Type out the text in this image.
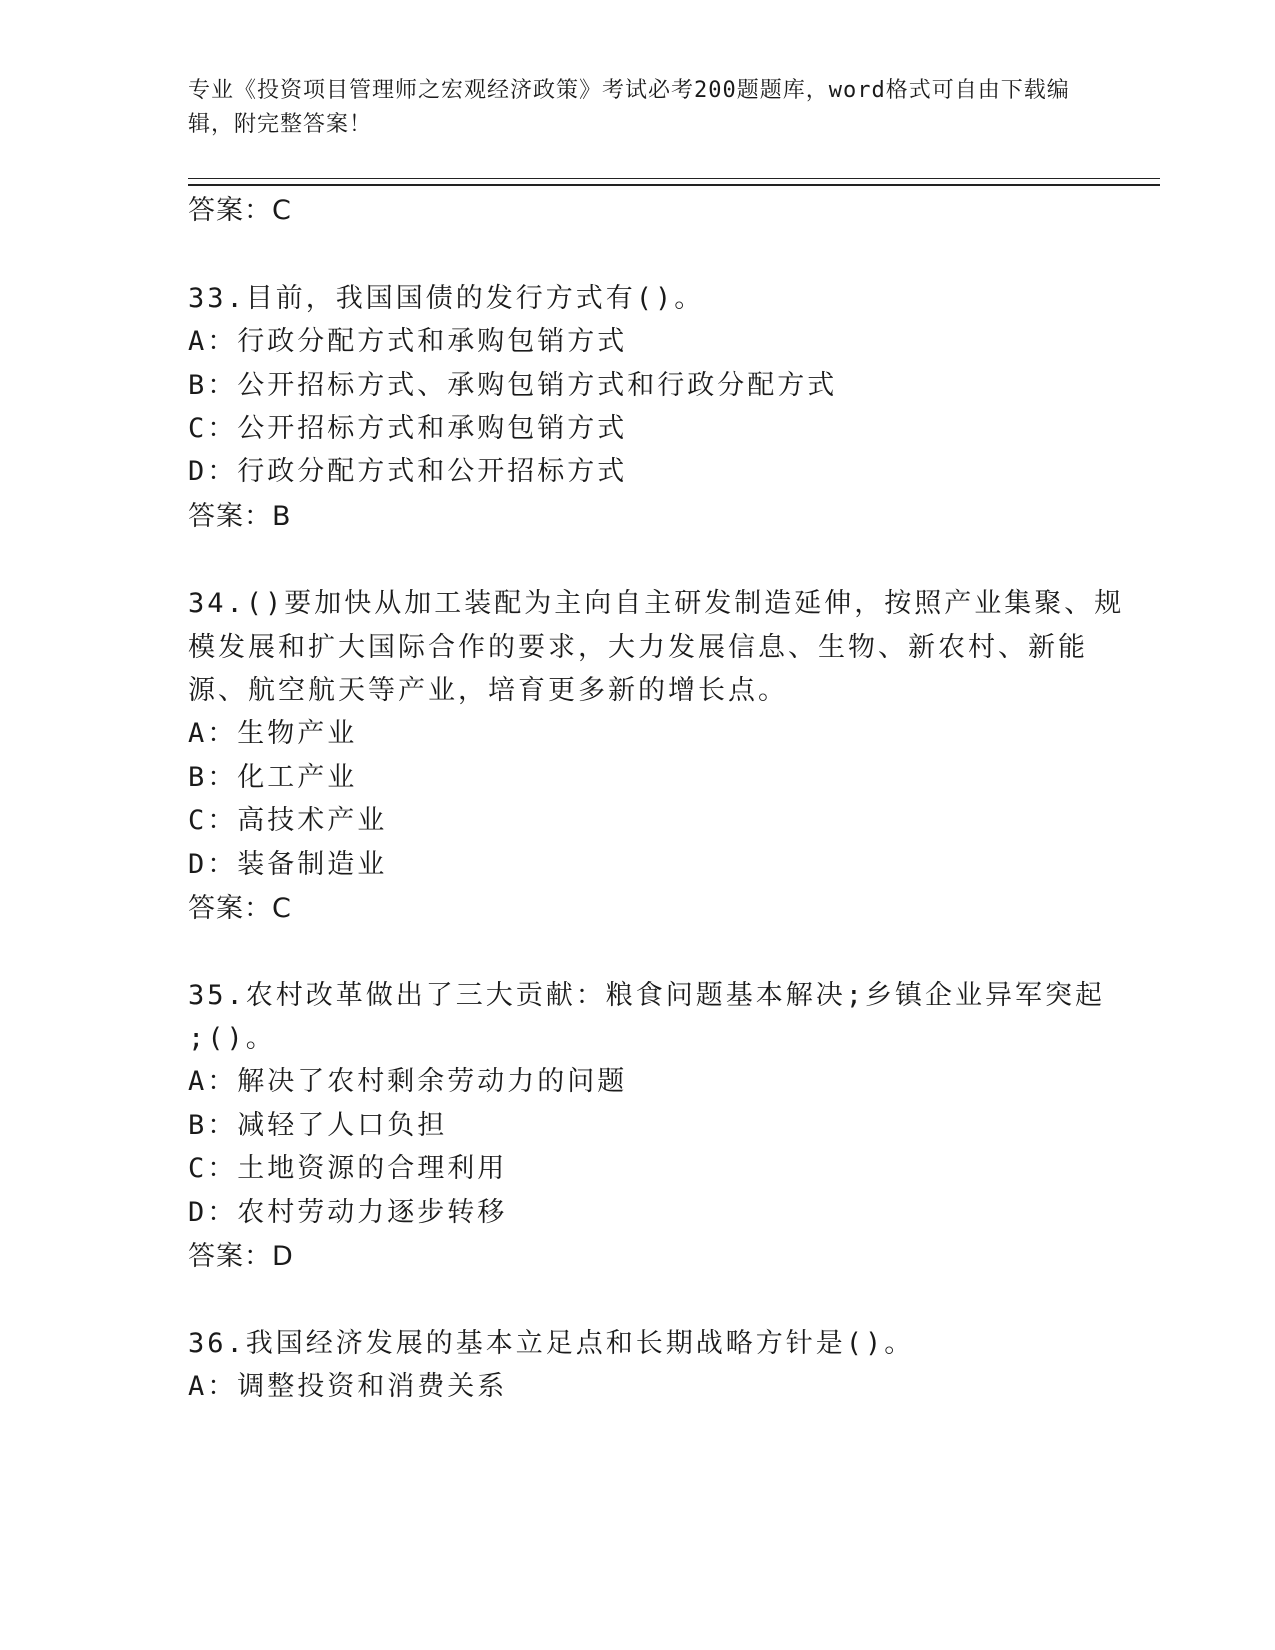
专业《投资项目管理师之宏观经济政策》考试必考200题题库，word格式可自由下载编辑，附完整答案！
答案：C
33.目前，我国国债的发行方式有()。
A：行政分配方式和承购包销方式
B：公开招标方式、承购包销方式和行政分配方式
C：公开招标方式和承购包销方式
D：行政分配方式和公开招标方式
答案：B
34.()要加快从加工装配为主向自主研发制造延伸，按照产业集聚、规
模发展和扩大国际合作的要求，大力发展信息、生物、新农村、新能
源、航空航天等产业，培育更多新的增长点。
A：生物产业
B：化工产业
C：高技术产业
D：装备制造业
答案：C
35.农村改革做出了三大贡献：粮食问题基本解决;乡镇企业异军突起
;()。
A：解决了农村剩余劳动力的问题
B：减轻了人口负担
C：土地资源的合理利用
D：农村劳动力逐步转移
答案：D
36.我国经济发展的基本立足点和长期战略方针是()。
A：调整投资和消费关系
